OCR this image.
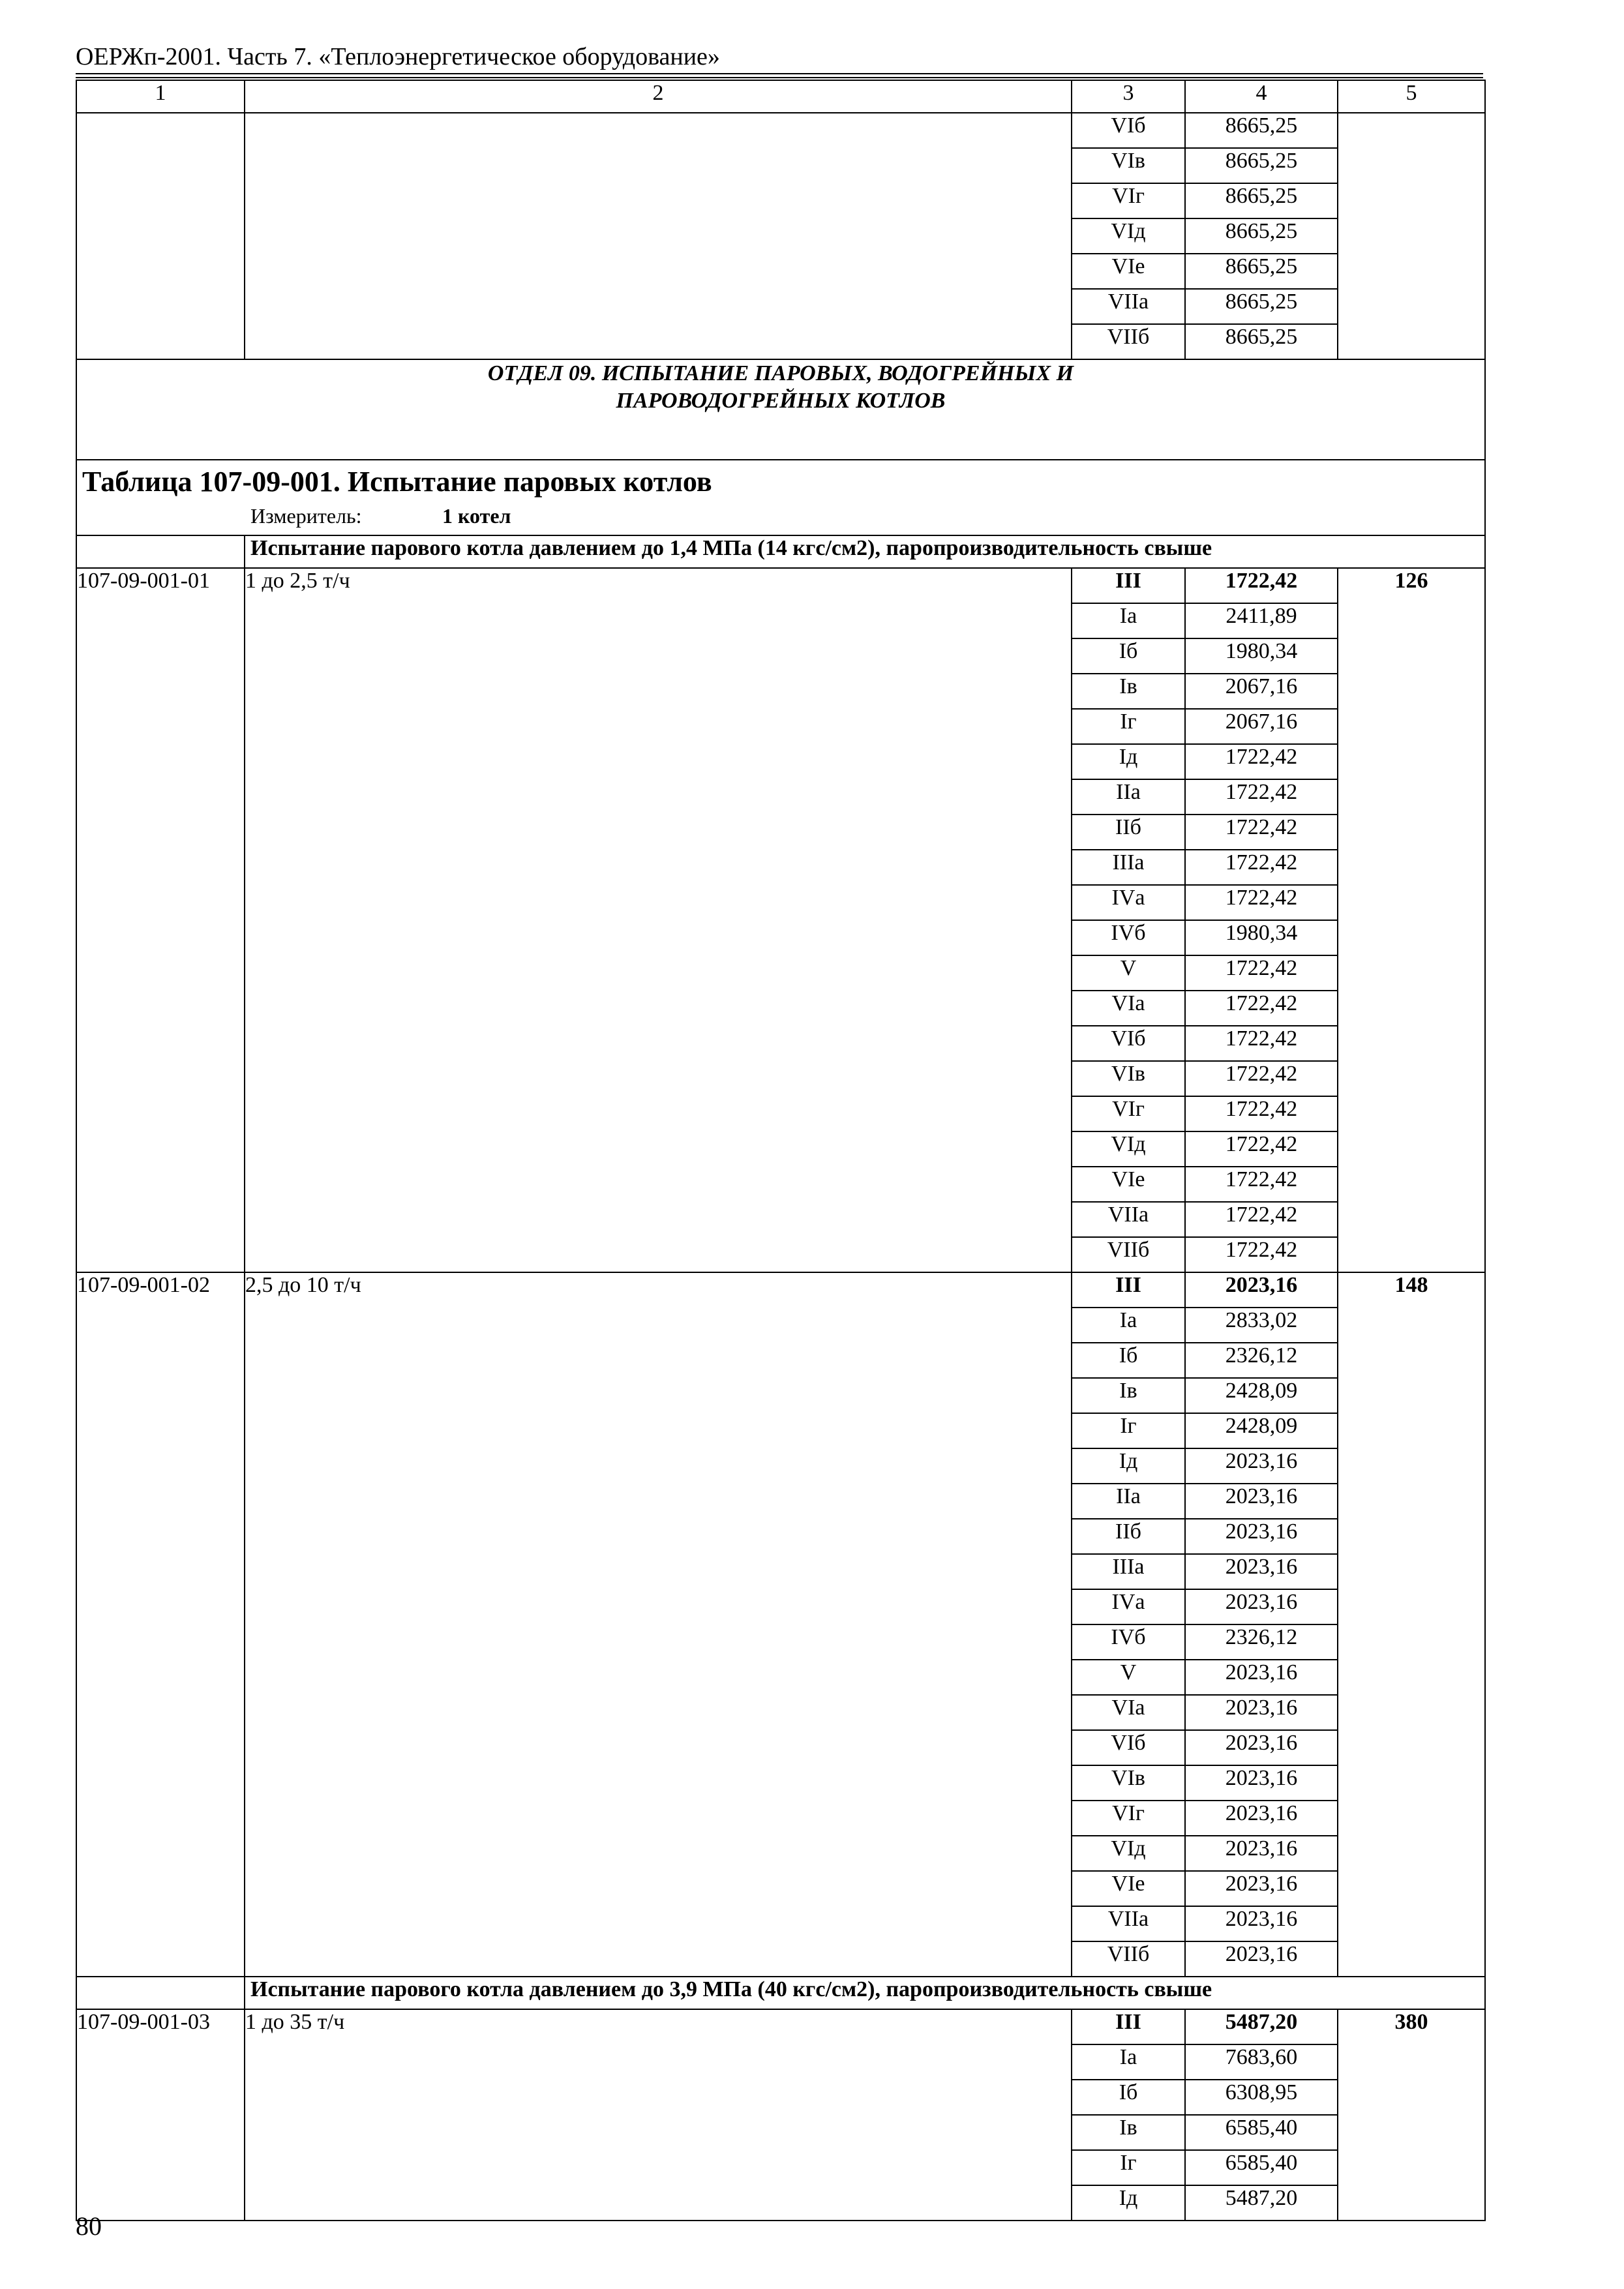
ОЕРЖп-2001. Часть 7. «Теплоэнергетическое оборудование»
1	2	3	4	5
		VIб	8665,25	
		VIв	8665,25	
		VIг	8665,25	
		VIд	8665,25	
		VIе	8665,25	
		VIIа	8665,25	
		VIIб	8665,25	

ОТДЕЛ 09. ИСПЫТАНИЕ ПАРОВЫХ, ВОДОГРЕЙНЫХ И
ПАРОВОДОГРЕЙНЫХ КОТЛОВ				

Таблица 107-09-001. Испытание паровых котлов
Измеритель: 1 котел				

	Испытание парового котла давлением до 1,4 МПа (14 кгс/см2), паропроизводительность свыше			
107-09-001-01	1 до 2,5 т/ч	III	1722,42	126
		Iа	2411,89	
		Iб	1980,34	
		Iв	2067,16	
		Iг	2067,16	
		Iд	1722,42	
		IIа	1722,42	
		IIб	1722,42	
		IIIа	1722,42	
		IVа	1722,42	
		IVб	1980,34	
		V	1722,42	
		VIа	1722,42	
		VIб	1722,42	
		VIв	1722,42	
		VIг	1722,42	
		VIд	1722,42	
		VIе	1722,42	
		VIIа	1722,42	
		VIIб	1722,42	
107-09-001-02	2,5 до 10 т/ч	III	2023,16	148
		Iа	2833,02	
		Iб	2326,12	
		Iв	2428,09	
		Iг	2428,09	
		Iд	2023,16	
		IIа	2023,16	
		IIб	2023,16	
		IIIа	2023,16	
		IVа	2023,16	
		IVб	2326,12	
		V	2023,16	
		VIа	2023,16	
		VIб	2023,16	
		VIв	2023,16	
		VIг	2023,16	
		VIд	2023,16	
		VIе	2023,16	
		VIIа	2023,16	
		VIIб	2023,16	
	Испытание парового котла давлением до 3,9 МПа (40 кгс/см2), паропроизводительность свыше			
107-09-001-03	1 до 35 т/ч	III	5487,20	380
		Iа	7683,60	
		Iб	6308,95	
		Iв	6585,40	
		Iг	6585,40	
		Iд	5487,20	
80
